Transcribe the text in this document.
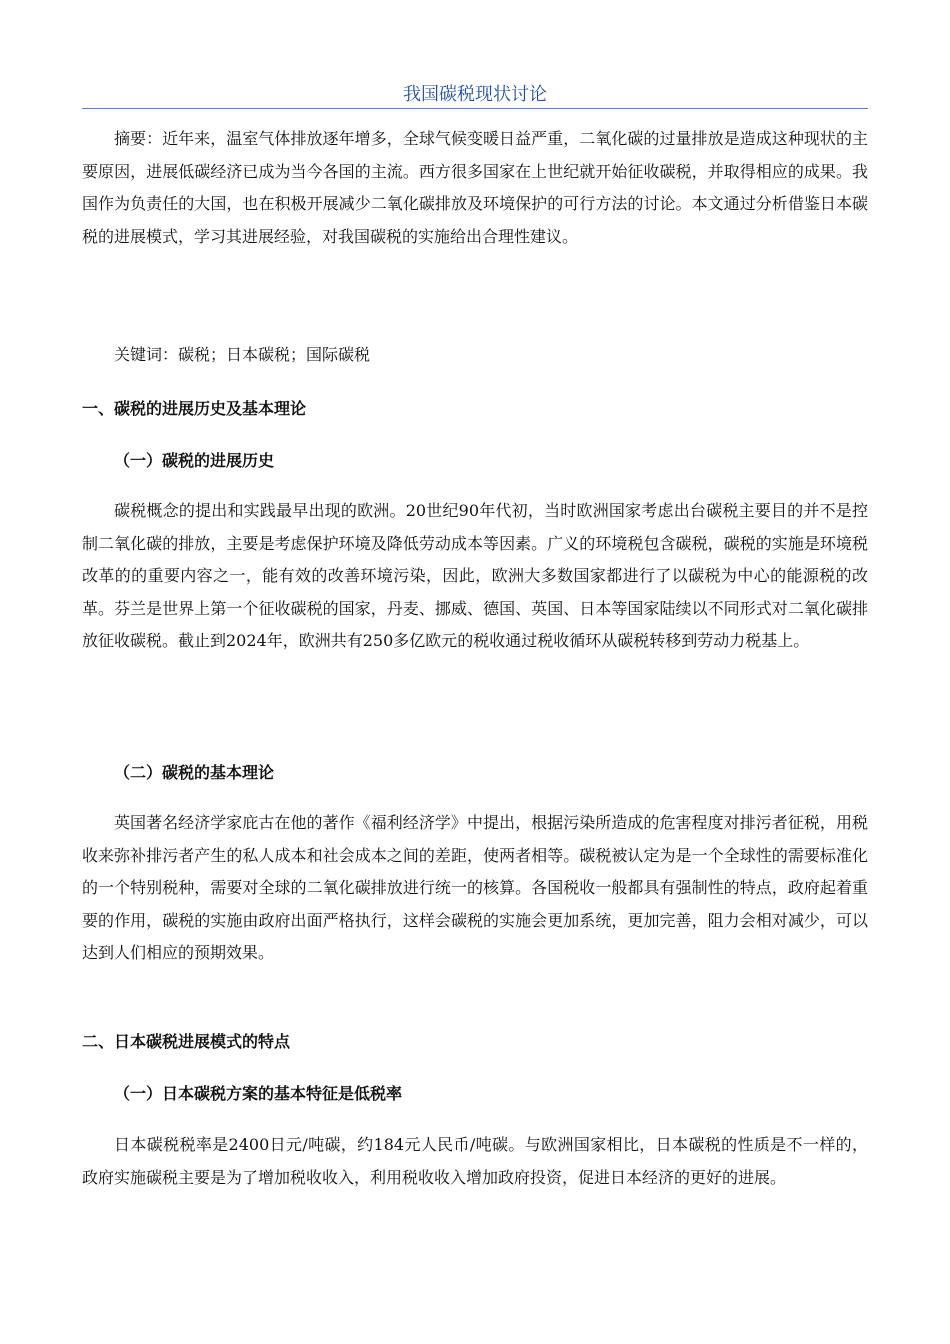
我国碳税现状讨论

摘要：近年来，温室气体排放逐年增多，全球气候变暖日益严重，二氧化碳的过量排放是造成这种现状的主要原因，进展低碳经济已成为当今各国的主流。西方很多国家在上世纪就开始征收碳税，并取得相应的成果。我国作为负责任的大国，也在积极开展减少二氧化碳排放及环境保护的可行方法的讨论。本文通过分析借鉴日本碳税的进展模式，学习其进展经验，对我国碳税的实施给出合理性建议。

关键词：碳税；日本碳税；国际碳税

一、碳税的进展历史及基本理论
（一）碳税的进展历史

碳税概念的提出和实践最早出现的欧洲。20世纪90年代初，当时欧洲国家考虑出台碳税主要目的并不是控制二氧化碳的排放，主要是考虑保护环境及降低劳动成本等因素。广义的环境税包含碳税，碳税的实施是环境税改革的的重要内容之一，能有效的改善环境污染，因此，欧洲大多数国家都进行了以碳税为中心的能源税的改革。芬兰是世界上第一个征收碳税的国家，丹麦、挪威、德国、英国、日本等国家陆续以不同形式对二氧化碳排放征收碳税。截止到2024年，欧洲共有250多亿欧元的税收通过税收循环从碳税转移到劳动力税基上。

（二）碳税的基本理论

英国著名经济学家庇古在他的著作《福利经济学》中提出，根据污染所造成的危害程度对排污者征税，用税收来弥补排污者产生的私人成本和社会成本之间的差距，使两者相等。碳税被认定为是一个全球性的需要标准化的一个特别税种，需要对全球的二氧化碳排放进行统一的核算。各国税收一般都具有强制性的特点，政府起着重要的作用，碳税的实施由政府出面严格执行，这样会碳税的实施会更加系统，更加完善，阻力会相对减少，可以达到人们相应的预期效果。

二、日本碳税进展模式的特点
（一）日本碳税方案的基本特征是低税率

日本碳税税率是2400日元/吨碳，约184元人民币/吨碳。与欧洲国家相比，日本碳税的性质是不一样的，政府实施碳税主要是为了增加税收收入，利用税收收入增加政府投资，促进日本经济的更好的进展。
